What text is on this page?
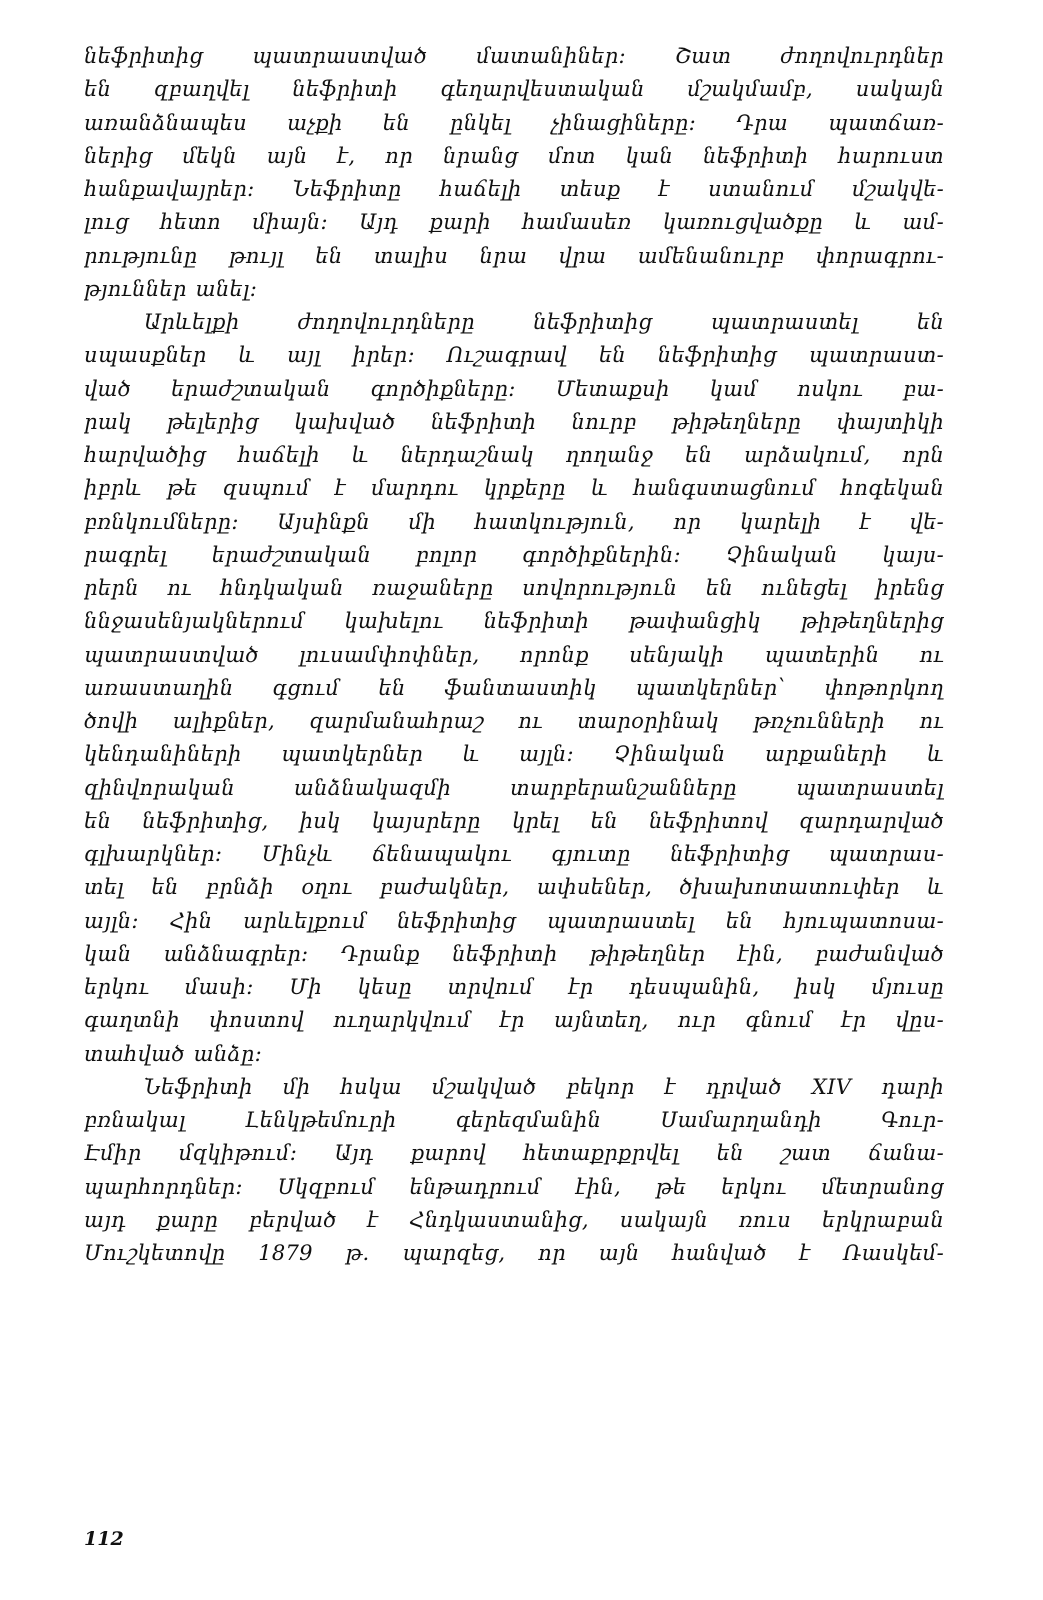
նեֆրիտից պատրաստված մատանիներ։ Շատ ժողովուրդներ
են զբաղվել նեֆրիտի գեղարվեստական մշակմամբ, սակայն
առանձնապես աչքի են ընկել չինացիները։ Դրա պատճառ-
ներից մեկն այն է, որ նրանց մոտ կան նեֆրիտի հարուստ
հանքավայրեր։ Նեֆրիտը հաճելի տեսք է ստանում մշակվե-
լուց հետո միայն։ Այդ քարի համասեռ կառուցվածքը և ամ-
րությունը թույլ են տալիս նրա վրա ամենանուրբ փորագրու-
թյուններ անել։
Արևելքի ժողովուրդները նեֆրիտից պատրաստել են
սպասքներ և այլ իրեր։ Ուշագրավ են նեֆրիտից պատրաստ-
ված երաժշտական գործիքները։ Մետաքսի կամ ոսկու բա-
րակ թելերից կախված նեֆրիտի նուրբ թիթեղները փայտիկի
հարվածից հաճելի և ներդաշնակ ղողանջ են արձակում, որն
իբրև թե զսպում է մարդու կրքերը և հանգստացնում հոգեկան
բռնկումները։ Այսինքն մի հատկություն, որ կարելի է վե-
րագրել երաժշտական բոլոր գործիքներին։ Չինական կայս-
րերն ու հնդկական ռաջաները սովորություն են ունեցել իրենց
ննջասենյակներում կախելու նեֆրիտի թափանցիկ թիթեղներից
պատրաստված լուսամփոփներ, որոնք սենյակի պատերին ու
առաստաղին գցում են ֆանտաստիկ պատկերներ՝ փոթորկող
ծովի ալիքներ, զարմանահրաշ ու տարօրինակ թռչունների ու
կենդանիների պատկերներ և այլն։ Չինական արքաների և
զինվորական անձնակազմի տարբերանշանները պատրաստել
են նեֆրիտից, իսկ կայսրերը կրել են նեֆրիտով զարդարված
գլխարկներ։ Մինչև ճենապակու գյուտը նեֆրիտից պատրաս-
տել են բրնձի օղու բաժակներ, ափսեներ, ծխախոտատուփեր և
այլն։ Հին արևելքում նեֆրիտից պատրաստել են հյուպատոսա-
կան անձնագրեր։ Դրանք նեֆրիտի թիթեղներ էին, բաժանված
երկու մասի։ Մի կեսը տրվում էր դեսպանին, իսկ մյուսը
գաղտնի փոստով ուղարկվում էր այնտեղ, ուր գնում էր վըս-
տահված անձը։
Նեֆրիտի մի հսկա մշակված բեկոր է դրված XIV դարի
բռնակալ Լենկթեմուրի գերեզմանին Սամարղանդի Գուր-
Էմիր մզկիթում։ Այդ քարով հետաքրքրվել են շատ ճանա-
պարհորդներ։ Սկզբում ենթադրում էին, թե երկու մետրանոց
այդ քարը բերված է Հնդկաստանից, սակայն ռուս երկրաբան
Մուշկետովը 1879 թ. պարզեց, որ այն հանված է Ռասկեմ-
112
